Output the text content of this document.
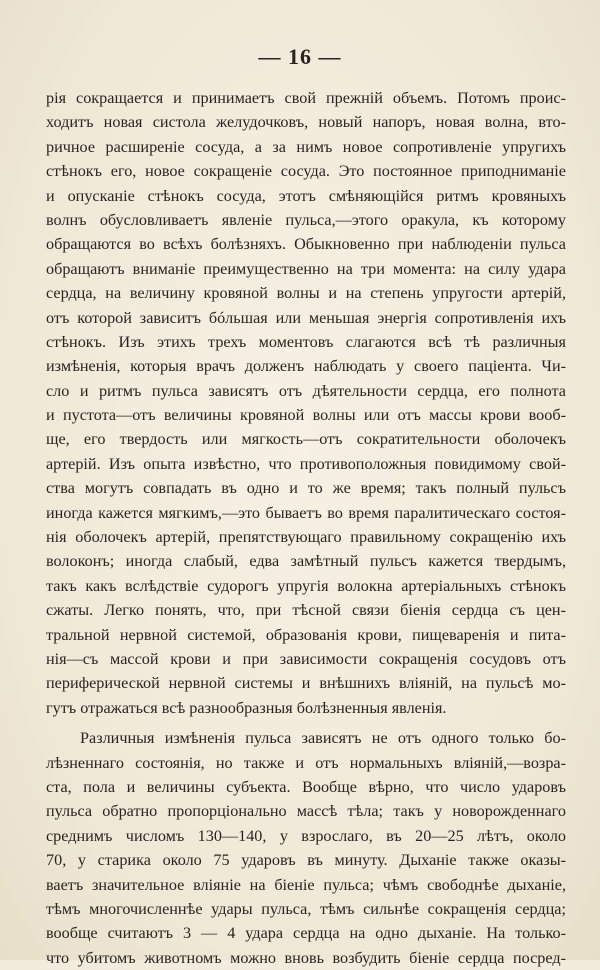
— 16 —
рія сокращается и принимаетъ свой прежній объемъ. Потомъ проис-
ходитъ новая систола желудочковъ, новый напоръ, новая волна, вто-
ричное расширеніе сосуда, а за нимъ новое сопротивленіе упругихъ
стѣнокъ его, новое сокращеніе сосуда. Это постоянное приподниманіе
и опусканіе стѣнокъ сосуда, этотъ смѣняющійся ритмъ кровяныхъ
волнъ обусловливаетъ явленіе пульса,—этого оракула, къ которому
обращаются во всѣхъ болѣзняхъ. Обыкновенно при наблюденіи пульса
обращаютъ вниманіе преимущественно на три момента: на силу удара
сердца, на величину кровяной волны и на степень упругости артерій,
отъ которой зависитъ бóльшая или меньшая энергія сопротивленія ихъ
стѣнокъ. Изъ этихъ трехъ моментовъ слагаются всѣ тѣ различныя
измѣненія, которыя врачъ долженъ наблюдать у своего паціента. Чи-
сло и ритмъ пульса зависятъ отъ дѣятельности сердца, его полнота
и пустота—отъ величины кровяной волны или отъ массы крови вооб-
ще, его твердость или мягкость—отъ сократительности оболочекъ
артерій. Изъ опыта извѣстно, что противоположныя повидимому свой-
ства могутъ совпадать въ одно и то же время; такъ полный пульсъ
иногда кажется мягкимъ,—это бываетъ во время паралитическаго состоя-
нія оболочекъ артерій, препятствующаго правильному сокращенію ихъ
волоконъ; иногда слабый, едва замѣтный пульсъ кажется твердымъ,
такъ какъ вслѣдствіе судорогъ упругія волокна артеріальныхъ стѣнокъ
сжаты. Легко понять, что, при тѣсной связи біенія сердца съ цен-
тральной нервной системой, образованія крови, пищеваренія и пита-
нія—съ массой крови и при зависимости сокращенія сосудовъ отъ
периферической нервной системы и внѣшнихъ вліяній, на пульсѣ мо-
гутъ отражаться всѣ разнообразныя болѣзненныя явленія.
Различныя измѣненія пульса зависятъ не отъ одного только бо-
лѣзненнаго состоянія, но также и отъ нормальныхъ вліяній,—возра-
ста, пола и величины субъекта. Вообще вѣрно, что число ударовъ
пульса обратно пропорціонально массѣ тѣла; такъ у новорожденнаго
среднимъ числомъ 130—140, у взрослаго, въ 20—25 лѣтъ, около
70, у старика около 75 ударовъ въ минуту. Дыханіе также оказы-
ваетъ значительное вліяніе на біеніе пульса; чѣмъ свободнѣе дыханіе,
тѣмъ многочисленнѣе удары пульса, тѣмъ сильнѣе сокращенія сердца;
вообще считаютъ 3 — 4 удара сердца на одно дыханіе. На только-
что убитомъ животномъ можно вновь возбудить біеніе сердца посред-
